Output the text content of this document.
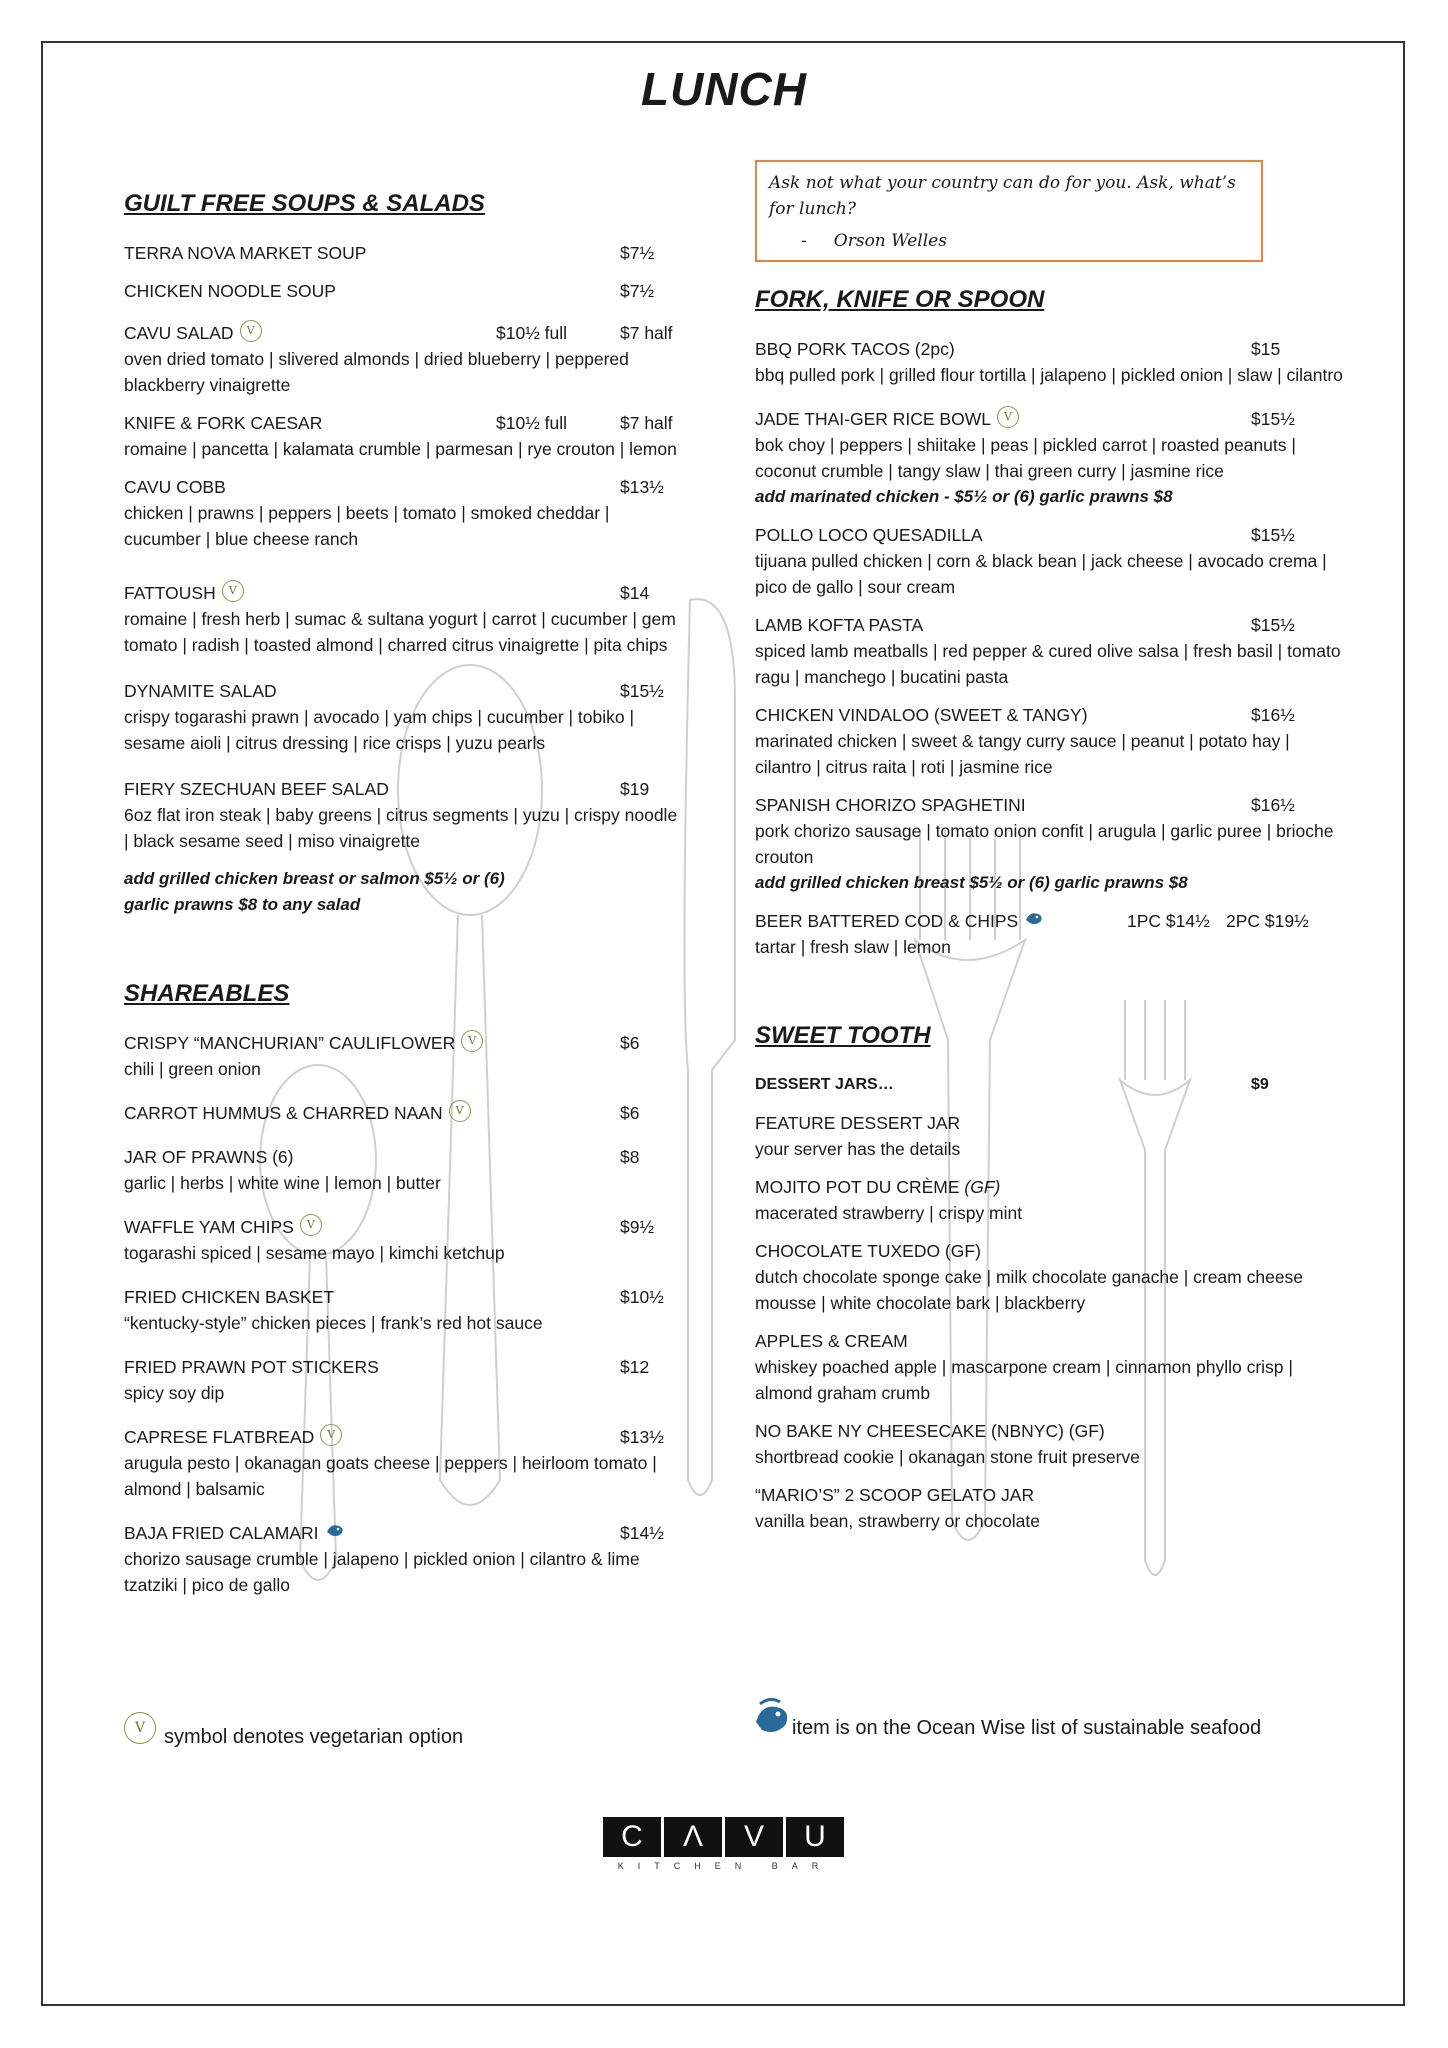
LUNCH
GUILT FREE SOUPS & SALADS
TERRA NOVA MARKET SOUP	$7½
CHICKEN NOODLE SOUP	$7½
CAVU SALAD V	$10½ full	$7 half
oven dried tomato | slivered almonds | dried blueberry | peppered blackberry vinaigrette
KNIFE & FORK CAESAR	$10½ full	$7 half
romaine | pancetta | kalamata crumble | parmesan | rye crouton | lemon
CAVU COBB	$13½
chicken | prawns | peppers | beets | tomato | smoked cheddar | cucumber | blue cheese ranch
FATTOUSH V	$14
romaine | fresh herb | sumac & sultana yogurt | carrot | cucumber | gem tomato | radish | toasted almond | charred citrus vinaigrette | pita chips
DYNAMITE SALAD	$15½
crispy togarashi prawn | avocado | yam chips | cucumber | tobiko | sesame aioli | citrus dressing | rice crisps | yuzu pearls
FIERY SZECHUAN BEEF SALAD	$19
6oz flat iron steak | baby greens | citrus segments | yuzu | crispy noodle | black sesame seed | miso vinaigrette
add grilled chicken breast or salmon $5½ or (6) garlic prawns $8 to any salad
SHAREABLES
CRISPY “MANCHURIAN” CAULIFLOWER V	$6
chili | green onion
CARROT HUMMUS & CHARRED NAAN V	$6
JAR OF PRAWNS (6)	$8
garlic | herbs | white wine | lemon | butter
WAFFLE YAM CHIPS V	$9½
togarashi spiced | sesame mayo | kimchi ketchup
FRIED CHICKEN BASKET	$10½
“kentucky-style” chicken pieces | frank’s red hot sauce
FRIED PRAWN POT STICKERS	$12
spicy soy dip
CAPRESE FLATBREAD V	$13½
arugula pesto | okanagan goats cheese | peppers | heirloom tomato | almond | balsamic
BAJA FRIED CALAMARI	$14½
chorizo sausage crumble | jalapeno | pickled onion | cilantro & lime tzatziki | pico de gallo
Ask not what your country can do for you. Ask, what’s for lunch?
- Orson Welles
FORK, KNIFE OR SPOON
BBQ PORK TACOS (2pc)	$15
bbq pulled pork | grilled flour tortilla | jalapeno | pickled onion | slaw | cilantro
JADE THAI-GER RICE BOWL V	$15½
bok choy | peppers | shiitake | peas | pickled carrot | roasted peanuts | coconut crumble | tangy slaw | thai green curry | jasmine rice
add marinated chicken - $5½ or (6) garlic prawns $8
POLLO LOCO QUESADILLA	$15½
tijuana pulled chicken | corn & black bean | jack cheese | avocado crema | pico de gallo | sour cream
LAMB KOFTA PASTA	$15½
spiced lamb meatballs | red pepper & cured olive salsa | fresh basil | tomato ragu | manchego | bucatini pasta
CHICKEN VINDALOO (SWEET & TANGY)	$16½
marinated chicken | sweet & tangy curry sauce | peanut | potato hay | cilantro | citrus raita | roti | jasmine rice
SPANISH CHORIZO SPAGHETINI	$16½
pork chorizo sausage | tomato onion confit | arugula | garlic puree | brioche crouton
add grilled chicken breast $5½ or (6) garlic prawns $8
BEER BATTERED COD & CHIPS	1PC $14½ 2PC $19½
tartar | fresh slaw | lemon
SWEET TOOTH
DESSERT JARS…	$9
FEATURE DESSERT JAR
your server has the details
MOJITO POT DU CRÈME (GF)
macerated strawberry | crispy mint
CHOCOLATE TUXEDO (GF)
dutch chocolate sponge cake | milk chocolate ganache | cream cheese mousse | white chocolate bark | blackberry
APPLES & CREAM
whiskey poached apple | mascarpone cream | cinnamon phyllo crisp | almond graham crumb
NO BAKE NY CHEESECAKE (NBNYC) (GF)
shortbread cookie | okanagan stone fruit preserve
“MARIO’S” 2 SCOOP GELATO JAR
vanilla bean, strawberry or chocolate
V symbol denotes vegetarian option	item is on the Ocean Wise list of sustainable seafood
C	Λ	V	U
KITCHEN BAR
